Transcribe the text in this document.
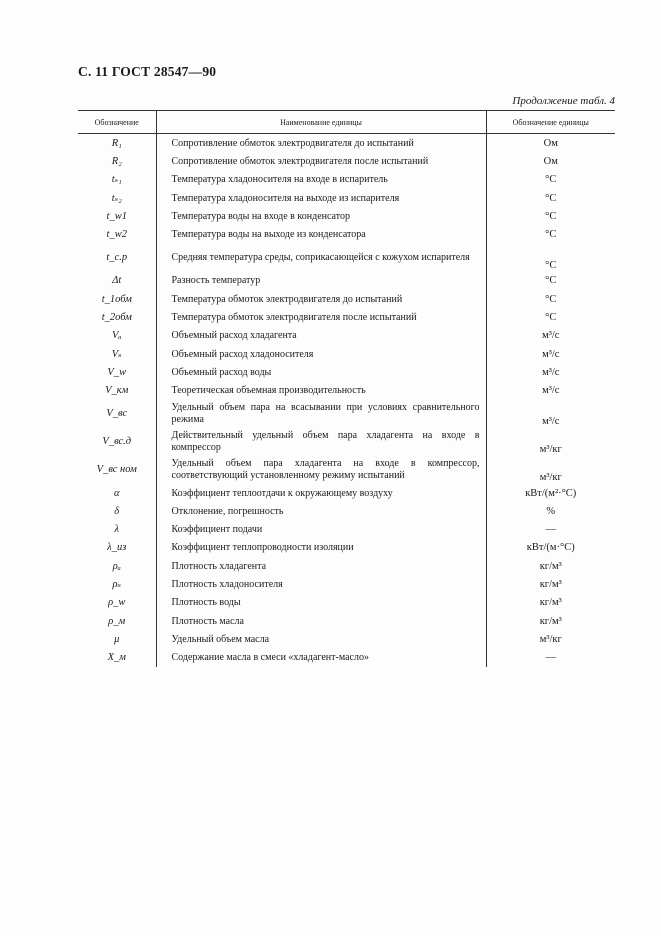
С. 11 ГОСТ 28547—90
Продолжение табл. 4
Обозначение	Наименование единицы	Обозначение единицы
R₁	Сопротивление обмоток электродвигателя до испытаний	Ом
R₂	Сопротивление обмоток электродвигателя после испытаний	Ом
tₛ₁	Температура хладоносителя на входе в испаритель	°С
tₛ₂	Температура хладоносителя на выходе из испарителя	°С
t_w1	Температура воды на входе в конденсатор	°С
t_w2	Температура воды на выходе из конденсатора	°С
t_с.р	Средняя температура среды, соприкасающейся с кожухом испарителя	°С
Δt	Разность температур	°С
t_1обм	Температура обмоток электродвигателя до испытаний	°С
t_2обм	Температура обмоток электродвигателя после испытаний	°С
Vₐ	Объемный расход хладагента	м³/с
Vₛ	Объемный расход хладоносителя	м³/с
V_w	Объемный расход воды	м³/с
V_км	Теоретическая объемная производительность	м³/с
V_вс	Удельный объем пара на всасывании при условиях сравнительного режима	м³/с
V_вс.д	Действительный удельный объем пара хладагента на входе в компрессор	м³/кг
V_вс ном	Удельный объем пара хладагента на входе в компрессор, соответствующий установленному режиму испытаний	м³/кг
α	Коэффициент теплоотдачи к окружающему воздуху	кВт/(м²·°С)
δ	Отклонение, погрешность	%
λ	Коэффициент подачи	—
λ_из	Коэффициент теплопроводности изоляции	кВт/(м·°С)
ρₐ	Плотность хладагента	кг/м³
ρₛ	Плотность хладоносителя	кг/м³
ρ_w	Плотность воды	кг/м³
ρ_м	Плотность масла	кг/м³
μ	Удельный объем масла	м³/кг
X_м	Содержание масла в смеси «хладагент-масло»	—
